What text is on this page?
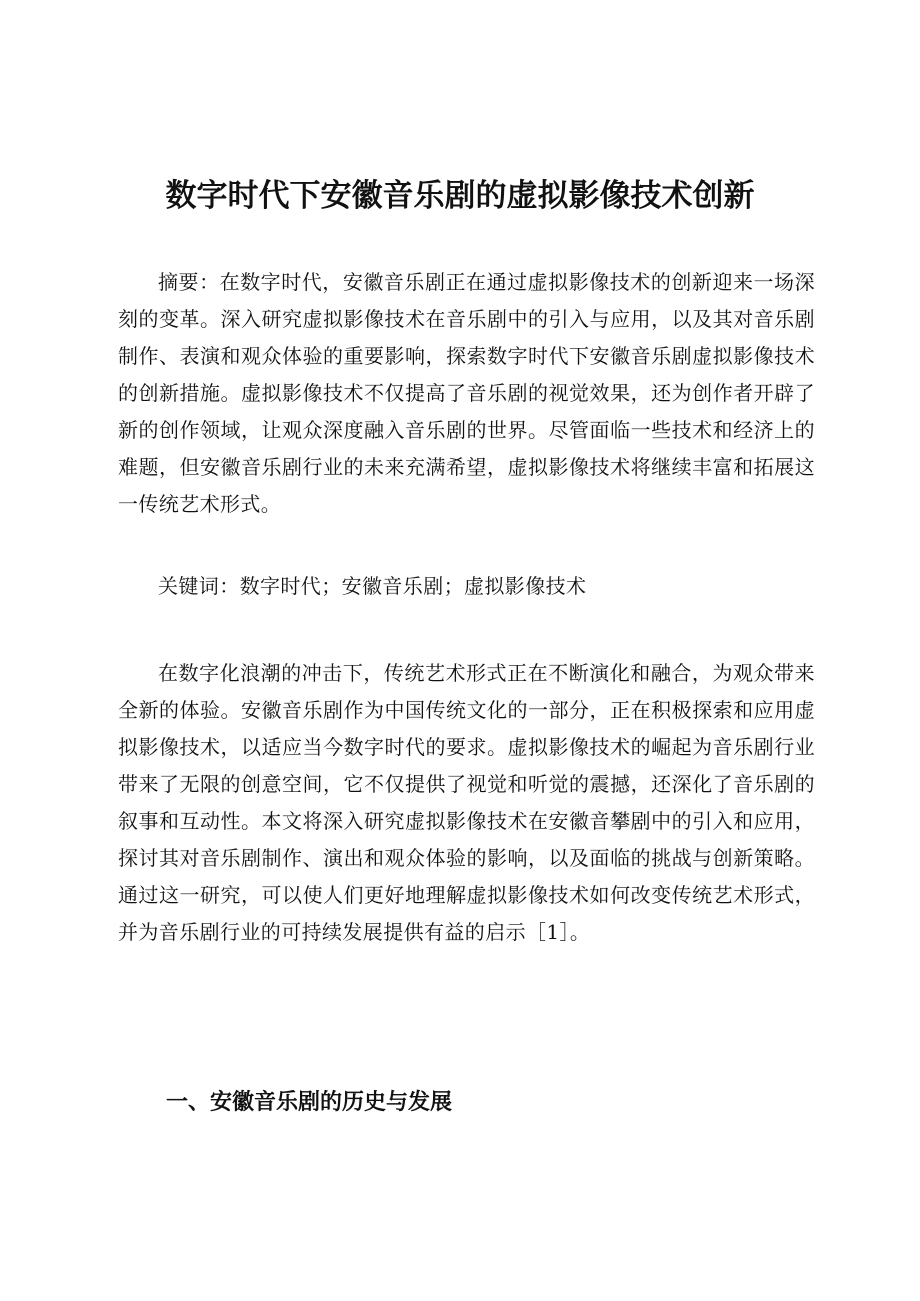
数字时代下安徽音乐剧的虚拟影像技术创新

摘要：在数字时代，安徽音乐剧正在通过虚拟影像技术的创新迎来一场深刻的变革。深入研究虚拟影像技术在音乐剧中的引入与应用，以及其对音乐剧制作、表演和观众体验的重要影响，探索数字时代下安徽音乐剧虚拟影像技术的创新措施。虚拟影像技术不仅提高了音乐剧的视觉效果，还为创作者开辟了新的创作领域，让观众深度融入音乐剧的世界。尽管面临一些技术和经济上的难题，但安徽音乐剧行业的未来充满希望，虚拟影像技术将继续丰富和拓展这一传统艺术形式。

关键词：数字时代；安徽音乐剧；虚拟影像技术

在数字化浪潮的冲击下，传统艺术形式正在不断演化和融合，为观众带来全新的体验。安徽音乐剧作为中国传统文化的一部分，正在积极探索和应用虚拟影像技术，以适应当今数字时代的要求。虚拟影像技术的崛起为音乐剧行业带来了无限的创意空间，它不仅提供了视觉和听觉的震撼，还深化了音乐剧的叙事和互动性。本文将深入研究虚拟影像技术在安徽音攀剧中的引入和应用，探讨其对音乐剧制作、演出和观众体验的影响，以及面临的挑战与创新策略。通过这一研究，可以使人们更好地理解虚拟影像技术如何改变传统艺术形式，并为音乐剧行业的可持续发展提供有益的启示［1］。

一、安徽音乐剧的历史与发展
